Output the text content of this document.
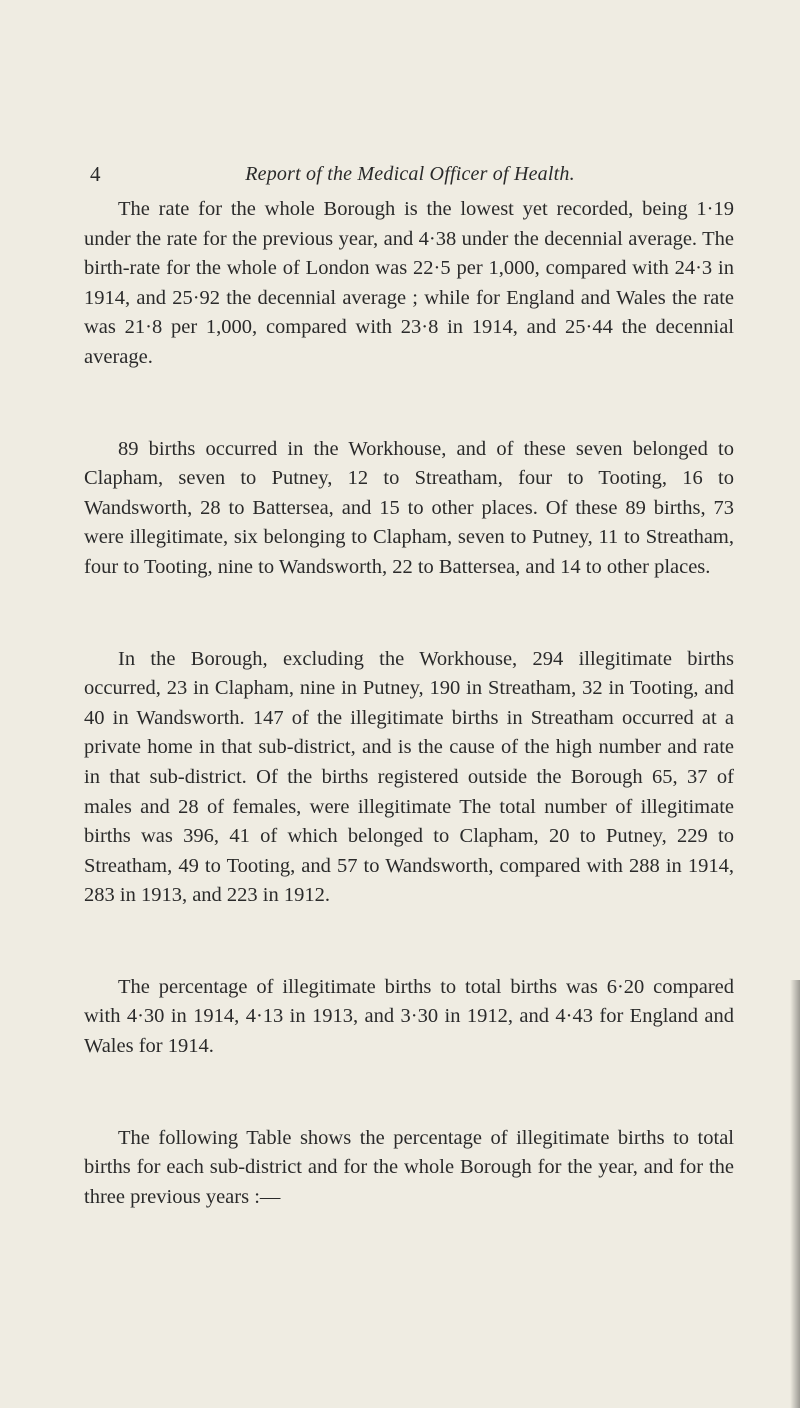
4	Report of the Medical Officer of Health.

The rate for the whole Borough is the lowest yet recorded, being 1·19 under the rate for the previous year, and 4·38 under the decennial average. The birth-rate for the whole of London was 22·5 per 1,000, compared with 24·3 in 1914, and 25·92 the decennial average ; while for England and Wales the rate was 21·8 per 1,000, compared with 23·8 in 1914, and 25·44 the decennial average.

89 births occurred in the Workhouse, and of these seven belonged to Clapham, seven to Putney, 12 to Streatham, four to Tooting, 16 to Wandsworth, 28 to Battersea, and 15 to other places. Of these 89 births, 73 were illegitimate, six belonging to Clapham, seven to Putney, 11 to Streatham, four to Tooting, nine to Wandsworth, 22 to Battersea, and 14 to other places.

In the Borough, excluding the Workhouse, 294 illegitimate births occurred, 23 in Clapham, nine in Putney, 190 in Streatham, 32 in Tooting, and 40 in Wandsworth. 147 of the illegitimate births in Streatham occurred at a private home in that sub-district, and is the cause of the high number and rate in that sub-district. Of the births registered outside the Borough 65, 37 of males and 28 of females, were illegitimate The total number of illegitimate births was 396, 41 of which belonged to Clapham, 20 to Putney, 229 to Streatham, 49 to Tooting, and 57 to Wandsworth, compared with 288 in 1914, 283 in 1913, and 223 in 1912.

The percentage of illegitimate births to total births was 6·20 compared with 4·30 in 1914, 4·13 in 1913, and 3·30 in 1912, and 4·43 for England and Wales for 1914.

The following Table shows the percentage of illegitimate births to total births for each sub-district and for the whole Borough for the year, and for the three previous years :—
